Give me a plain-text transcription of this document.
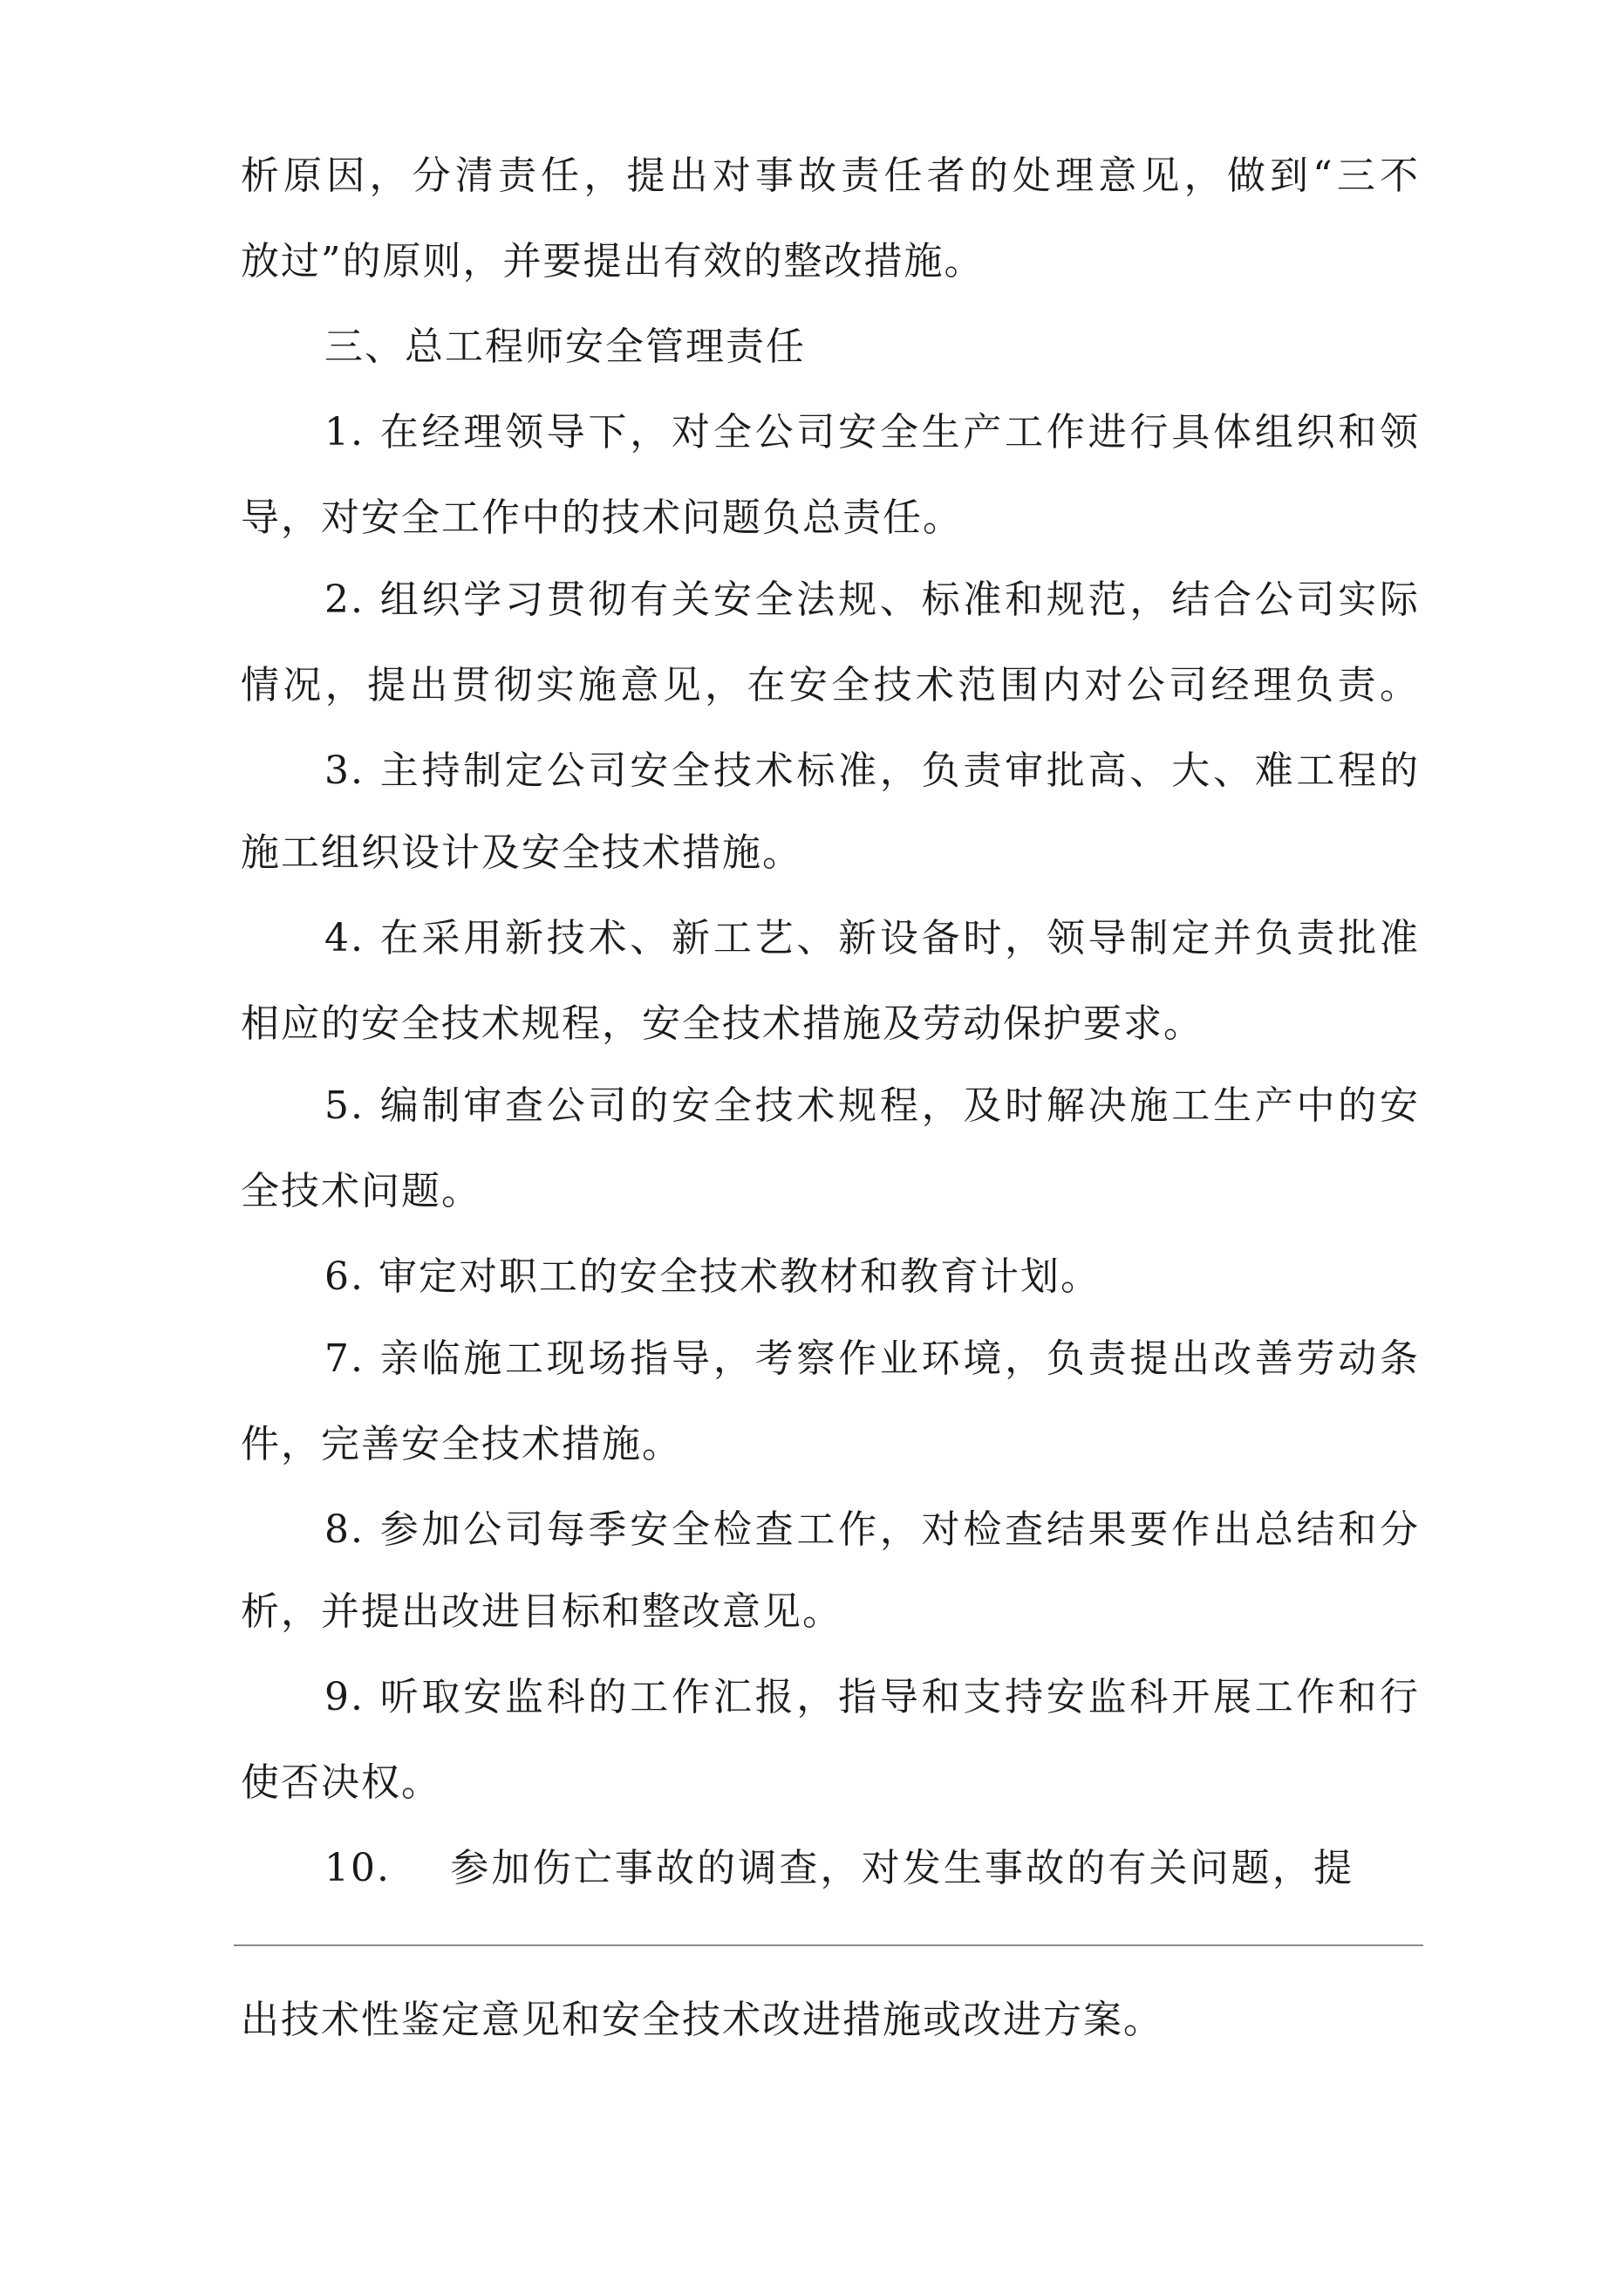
析原因，分清责任，提出对事故责任者的处理意见，做到“三不
放过”的原则，并要提出有效的整改措施。
三、总工程师安全管理责任
1. 在经理领导下，对全公司安全生产工作进行具体组织和领
导，对安全工作中的技术问题负总责任。
2. 组织学习贯彻有关安全法规、标准和规范，结合公司实际
情况，提出贯彻实施意见，在安全技术范围内对公司经理负责。
3. 主持制定公司安全技术标准，负责审批高、大、难工程的
施工组织设计及安全技术措施。
4. 在采用新技术、新工艺、新设备时，领导制定并负责批准
相应的安全技术规程，安全技术措施及劳动保护要求。
5. 编制审查公司的安全技术规程，及时解决施工生产中的安
全技术问题。
6. 审定对职工的安全技术教材和教育计划。
7. 亲临施工现场指导，考察作业环境，负责提出改善劳动条
件，完善安全技术措施。
8. 参加公司每季安全检查工作，对检查结果要作出总结和分
析，并提出改进目标和整改意见。
9. 听取安监科的工作汇报，指导和支持安监科开展工作和行
使否决权。
10.    参加伤亡事故的调查，对发生事故的有关问题，提
出技术性鉴定意见和安全技术改进措施或改进方案。
